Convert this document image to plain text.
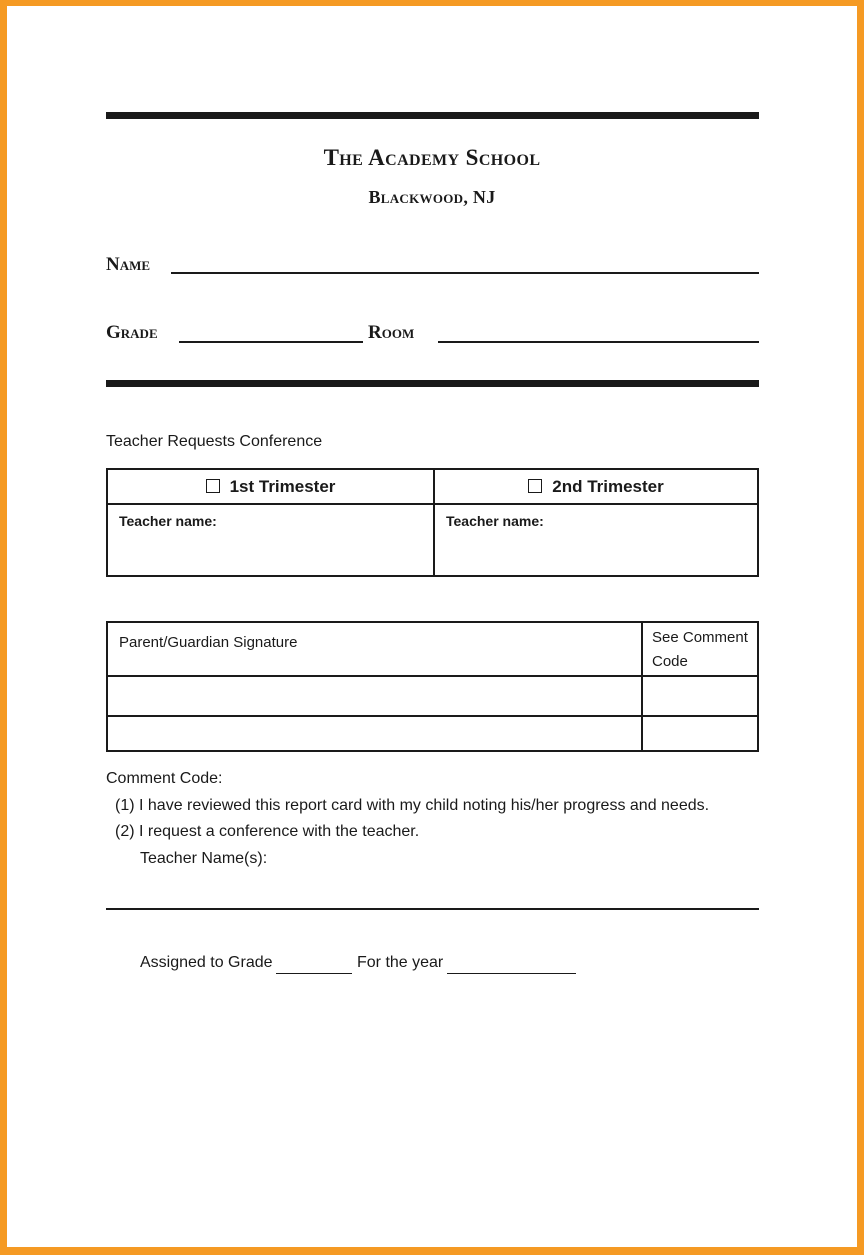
The Academy School
Blackwood, NJ
Name
Grade	Room
Teacher Requests Conference
1st Trimester	2nd Trimester

Teacher name:	Teacher name:
Parent/Guardian Signature	See Comment Code

Comment Code:
(1) I have reviewed this report card with my child noting his/her progress and needs.
(2) I request a conference with the teacher.
Teacher Name(s):
Assigned to Grade	For the year
